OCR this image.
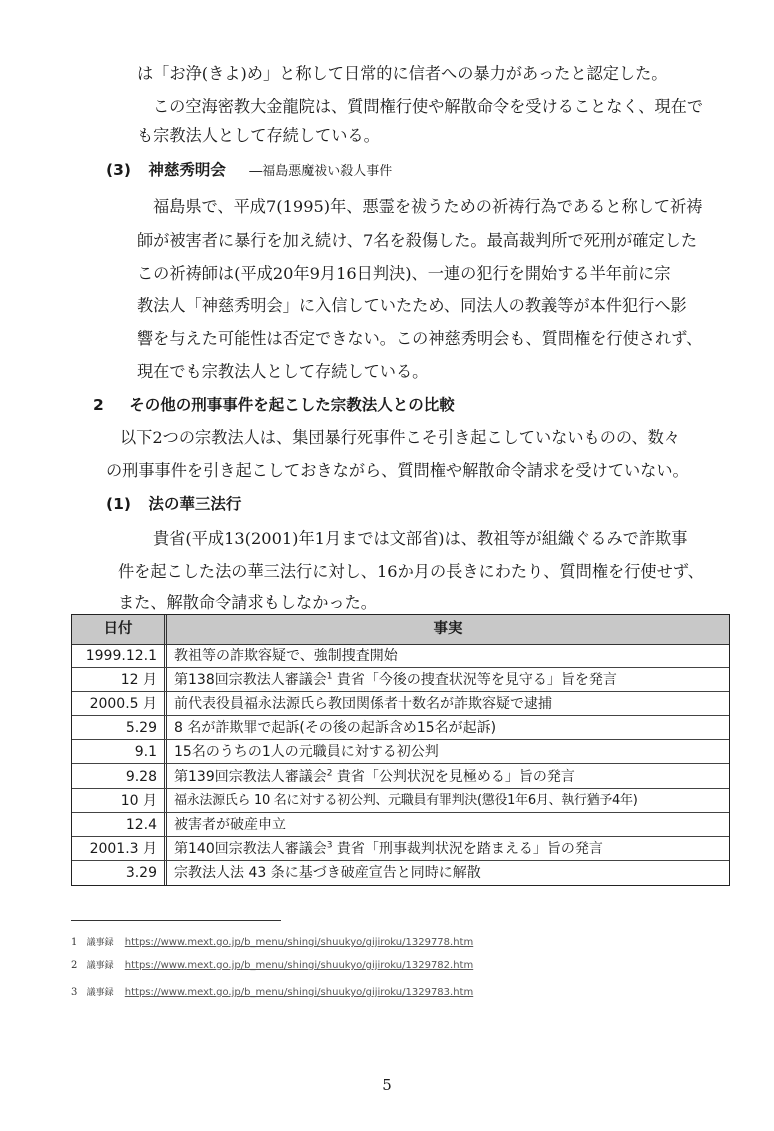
は「お浄(きよ)め」と称して日常的に信者への暴力があったと認定した。
この空海密教大金龍院は、質問権行使や解散命令を受けることなく、現在で
も宗教法人として存続している。
(3) 神慈秀明会 ―福島悪魔祓い殺人事件
福島県で、平成7(1995)年、悪霊を祓うための祈祷行為であると称して祈祷
師が被害者に暴行を加え続け、7名を殺傷した。最高裁判所で死刑が確定した
この祈祷師は(平成20年9月16日判決)、一連の犯行を開始する半年前に宗
教法人「神慈秀明会」に入信していたため、同法人の教義等が本件犯行へ影
響を与えた可能性は否定できない。この神慈秀明会も、質問権を行使されず、
現在でも宗教法人として存続している。
2 その他の刑事事件を起こした宗教法人との比較
以下2つの宗教法人は、集団暴行死事件こそ引き起こしていないものの、数々
の刑事事件を引き起こしておきながら、質問権や解散命令請求を受けていない。
(1) 法の華三法行
貴省(平成13(2001)年1月までは文部省)は、教祖等が組織ぐるみで詐欺事
件を起こした法の華三法行に対し、16か月の長きにわたり、質問権を行使せず、
また、解散命令請求もしなかった。
日付	事実
1999.12.1	教祖等の詐欺容疑で、強制捜査開始
12 月	第138回宗教法人審議会$^1$ 貴省「今後の捜査状況等を見守る」旨を発言
2000.5 月	前代表役員福永法源氏ら教団関係者十数名が詐欺容疑で逮捕
5.29	8 名が詐欺罪で起訴(その後の起訴含め15名が起訴)
9.1	15名のうちの1人の元職員に対する初公判
9.28	第139回宗教法人審議会$^2$ 貴省「公判状況を見極める」旨の発言
10 月	福永法源氏ら 10 名に対する初公判、元職員有罪判決(懲役1年6月、執行猶予4年)
12.4	被害者が破産申立
2001.3 月	第140回宗教法人審議会$^3$ 貴省「刑事裁判状況を踏まえる」旨の発言
3.29	宗教法人法 43 条に基づき破産宣告と同時に解散
1 議事録 https://www.mext.go.jp/b_menu/shingi/shuukyo/gijiroku/1329778.htm
2 議事録 https://www.mext.go.jp/b_menu/shingi/shuukyo/gijiroku/1329782.htm
3 議事録 https://www.mext.go.jp/b_menu/shingi/shuukyo/gijiroku/1329783.htm
5
